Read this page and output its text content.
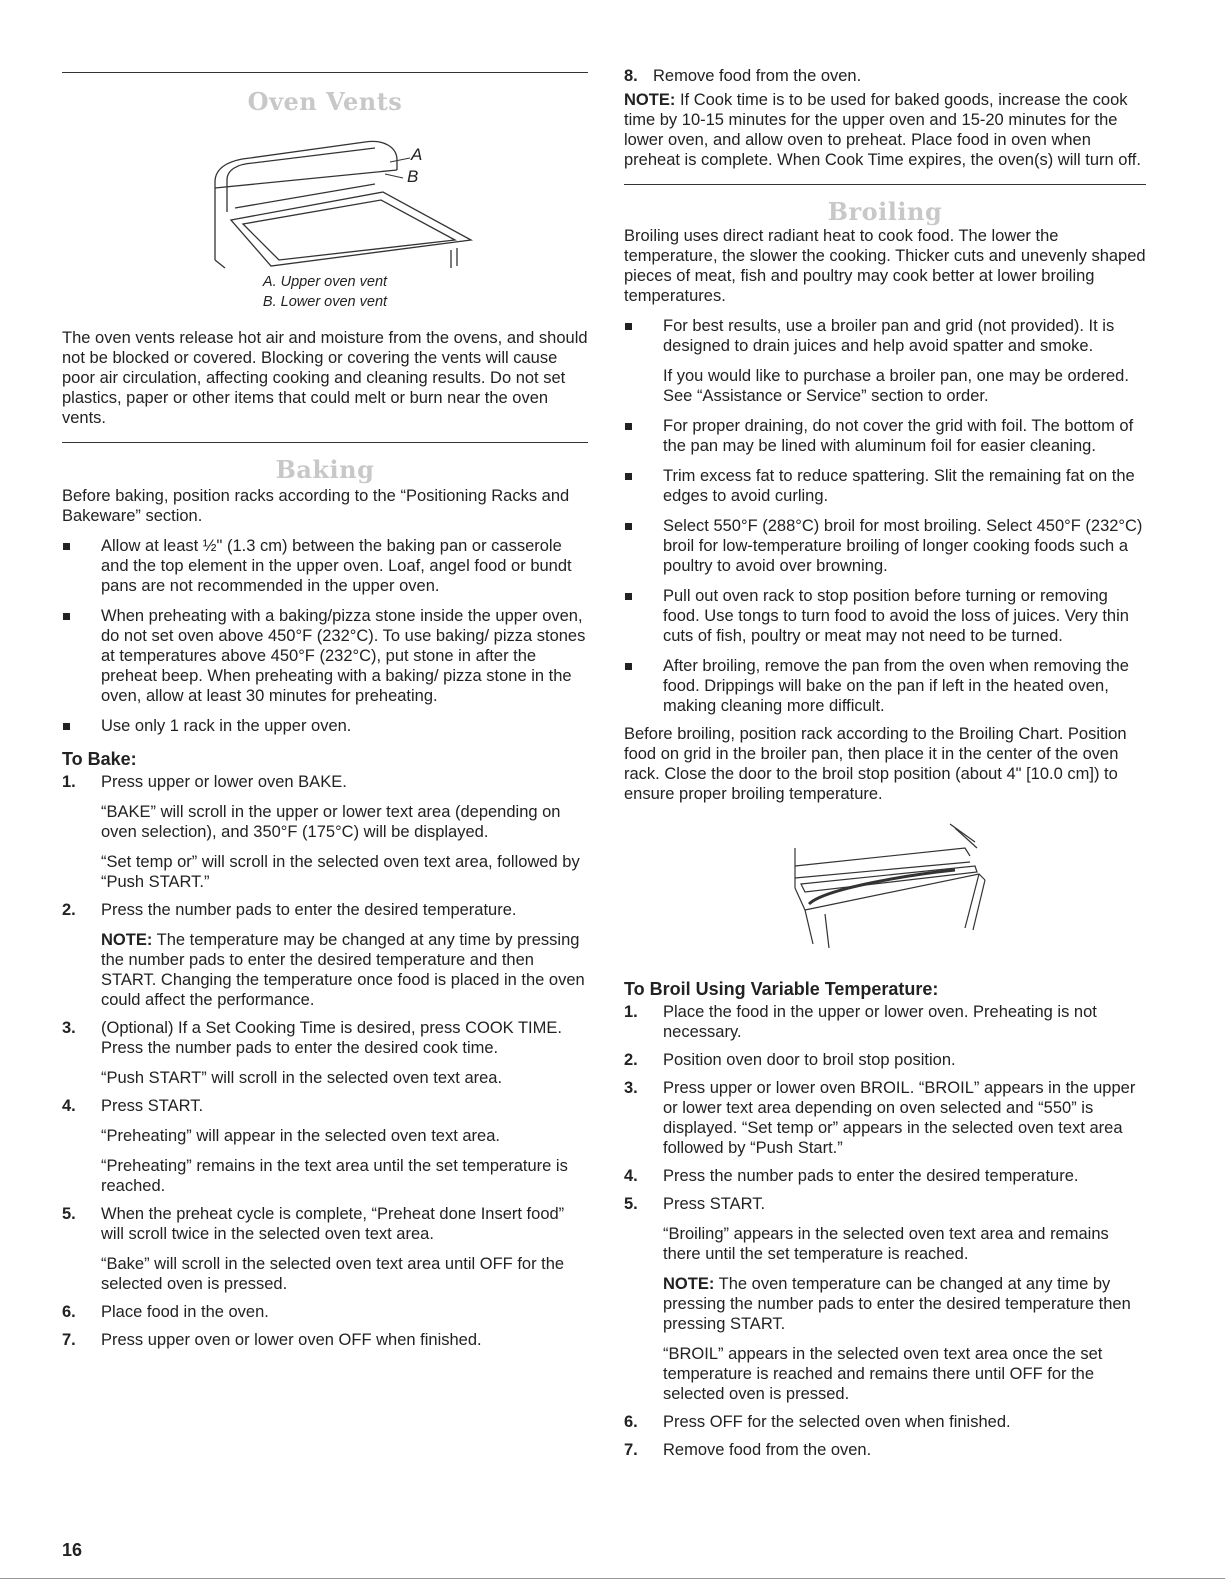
Oven Vents
A
B

A. Upper oven vent

B. Lower oven vent

The oven vents release hot air and moisture from the ovens, and should not be blocked or covered. Blocking or covering the vents will cause poor air circulation, affecting cooking and cleaning results. Do not set plastics, paper or other items that could melt or burn near the oven vents.

Baking

Before baking, position racks according to the “Positioning Racks and Bakeware” section.

Allow at least ½" (1.3 cm) between the baking pan or casserole and the top element in the upper oven. Loaf, angel food or bundt pans are not recommended in the upper oven.
When preheating with a baking/pizza stone inside the upper oven, do not set oven above 450°F (232°C). To use baking/ pizza stones at temperatures above 450°F (232°C), put stone in after the preheat beep. When preheating with a baking/ pizza stone in the oven, allow at least 30 minutes for preheating.
Use only 1 rack in the upper oven.
To Bake:
1. Press upper or lower oven BAKE.

“BAKE” will scroll in the upper or lower text area (depending on oven selection), and 350°F (175°C) will be displayed.

“Set temp or” will scroll in the selected oven text area, followed by “Push START.”

2. Press the number pads to enter the desired temperature.

NOTE: The temperature may be changed at any time by pressing the number pads to enter the desired temperature and then START. Changing the temperature once food is placed in the oven could affect the performance.

3. (Optional) If a Set Cooking Time is desired, press COOK TIME. Press the number pads to enter the desired cook time.

“Push START” will scroll in the selected oven text area.

4. Press START.

“Preheating” will appear in the selected oven text area.

“Preheating” remains in the text area until the set temperature is reached.

5. When the preheat cycle is complete, “Preheat done Insert food” will scroll twice in the selected oven text area.

“Bake” will scroll in the selected oven text area until OFF for the selected oven is pressed.

6. Place food in the oven.

7. Press upper oven or lower oven OFF when finished.

8. Remove food from the oven.

NOTE: If Cook time is to be used for baked goods, increase the cook time by 10-15 minutes for the upper oven and 15-20 minutes for the lower oven, and allow oven to preheat. Place food in oven when preheat is complete. When Cook Time expires, the oven(s) will turn off.

Broiling

Broiling uses direct radiant heat to cook food. The lower the temperature, the slower the cooking. Thicker cuts and unevenly shaped pieces of meat, fish and poultry may cook better at lower broiling temperatures.

For best results, use a broiler pan and grid (not provided). It is designed to drain juices and help avoid spatter and smoke.

If you would like to purchase a broiler pan, one may be ordered. See “Assistance or Service” section to order.

For proper draining, do not cover the grid with foil. The bottom of the pan may be lined with aluminum foil for easier cleaning.
Trim excess fat to reduce spattering. Slit the remaining fat on the edges to avoid curling.
Select 550°F (288°C) broil for most broiling. Select 450°F (232°C) broil for low-temperature broiling of longer cooking foods such a poultry to avoid over browning.
Pull out oven rack to stop position before turning or removing food. Use tongs to turn food to avoid the loss of juices. Very thin cuts of fish, poultry or meat may not need to be turned.
After broiling, remove the pan from the oven when removing the food. Drippings will bake on the pan if left in the heated oven, making cleaning more difficult.

Before broiling, position rack according to the Broiling Chart. Position food on grid in the broiler pan, then place it in the center of the oven rack. Close the door to the broil stop position (about 4" [10.0 cm]) to ensure proper broiling temperature.

To Broil Using Variable Temperature:
1. Place the food in the upper or lower oven. Preheating is not necessary.

2. Position oven door to broil stop position.

3. Press upper or lower oven BROIL. “BROIL” appears in the upper or lower text area depending on oven selected and “550” is displayed. “Set temp or” appears in the selected oven text area followed by “Push Start.”

4. Press the number pads to enter the desired temperature.

5. Press START.

“Broiling” appears in the selected oven text area and remains there until the set temperature is reached.

NOTE: The oven temperature can be changed at any time by pressing the number pads to enter the desired temperature then pressing START.

“BROIL” appears in the selected oven text area once the set temperature is reached and remains there until OFF for the selected oven is pressed.

6. Press OFF for the selected oven when finished.

7. Remove food from the oven.

16
